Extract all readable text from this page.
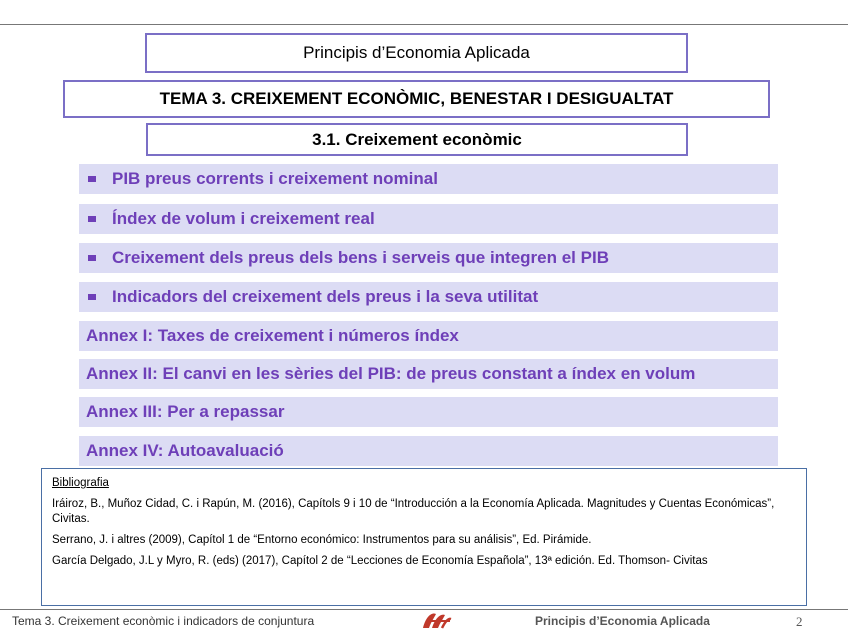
Principis d’Economia Aplicada
TEMA 3. CREIXEMENT ECONÒMIC, BENESTAR I DESIGUALTAT
3.1. Creixement econòmic
PIB preus corrents i creixement nominal
Índex de volum i creixement real
Creixement dels preus dels bens i serveis que integren el PIB
Indicadors del creixement dels preus i la seva utilitat
Annex I: Taxes de creixement i números índex
Annex II: El canvi en les sèries del PIB: de preus constant a índex en volum
Annex III: Per a repassar
Annex IV: Autoavaluació
Bibliografia
Iráiroz, B., Muñoz Cidad, C. i Rapún, M. (2016), Capítols 9 i 10 de “Introducción a la Economía Aplicada. Magnitudes y Cuentas Económicas”, Civitas.
Serrano, J. i altres (2009), Capítol 1 de “Entorno económico: Instrumentos para su análisis”, Ed. Pirámide.
García Delgado, J.L y Myro, R. (eds) (2017), Capítol 2 de “Lecciones de Economía Española”, 13ª edición. Ed. Thomson- Civitas
Tema 3. Creixement econòmic i indicadors de conjuntura	Principis d’Economia Aplicada	2
